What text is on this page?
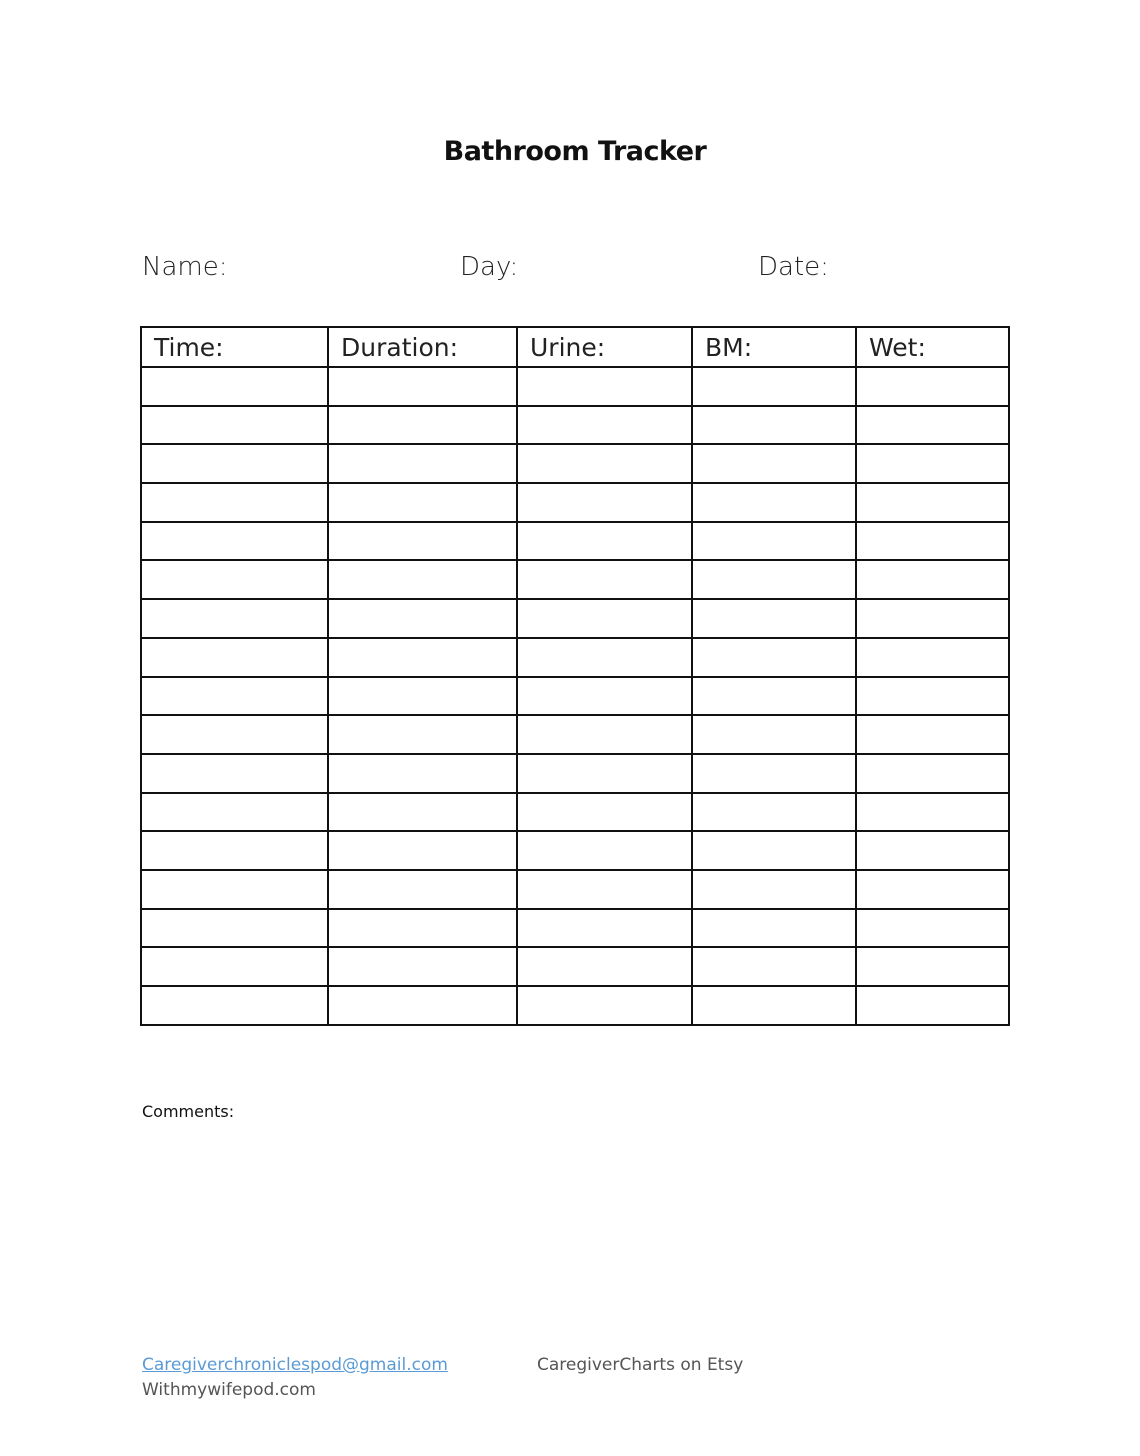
Bathroom Tracker
Name:	Day:	Date:
Time:	Duration:	Urine:	BM:	Wet:

Comments:
Caregiverchroniclespod@gmail.com
Withmywifepod.com
CaregiverCharts on Etsy
